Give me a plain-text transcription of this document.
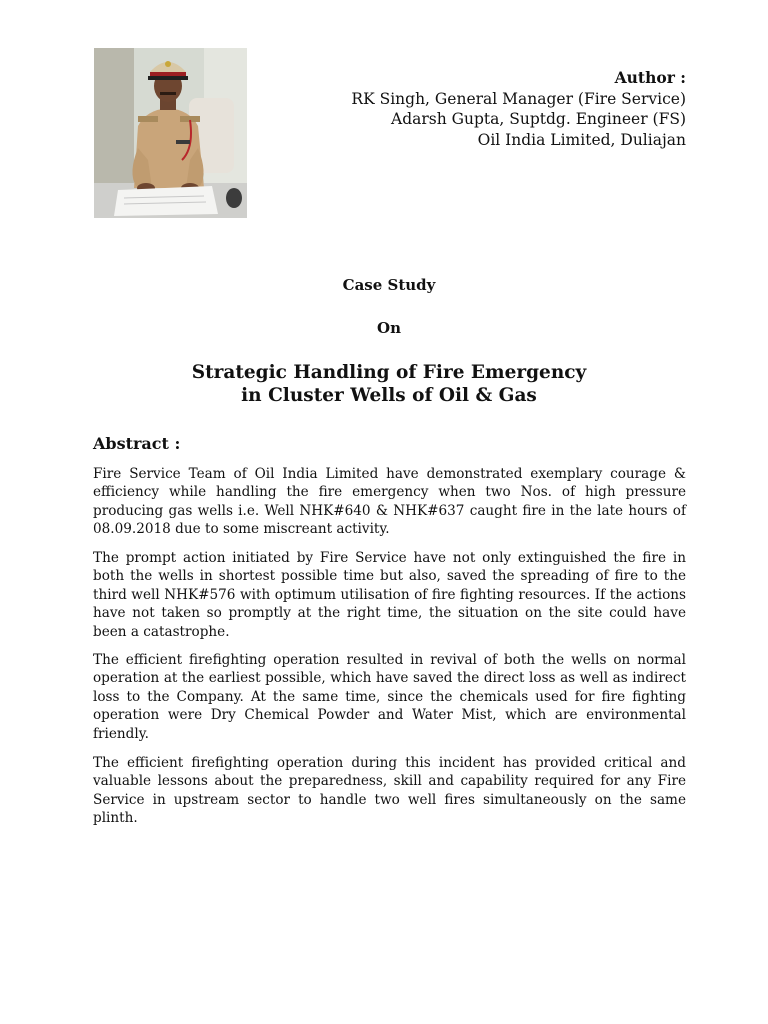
Author :
RK Singh, General Manager (Fire Service)
Adarsh Gupta, Suptdg. Engineer (FS)
Oil India Limited, Duliajan
Case Study
On
Strategic Handling of Fire Emergency
in Cluster Wells of Oil & Gas
Abstract :

Fire Service Team of Oil India Limited have demonstrated exemplary courage & efficiency while handling the fire emergency when two Nos. of high pressure producing gas wells i.e. Well NHK#640 & NHK#637 caught fire in the late hours of 08.09.2018 due to some miscreant activity.

The prompt action initiated by Fire Service have not only extinguished the fire in both the wells in shortest possible time but also, saved the spreading of fire to the third well NHK#576 with optimum utilisation of fire fighting resources. If the actions have not taken so promptly at the right time, the situation on the site could have been a catastrophe.

The efficient firefighting operation resulted in revival of both the wells on normal operation at the earliest possible, which have saved the direct loss as well as indirect loss to the Company. At the same time, since the chemicals used for fire fighting operation were Dry Chemical Powder and Water Mist, which are environmental friendly.

The efficient firefighting operation during this incident has provided critical and valuable lessons about the preparedness, skill and capability required for any Fire Service in upstream sector to handle two well fires simultaneously on the same plinth.
